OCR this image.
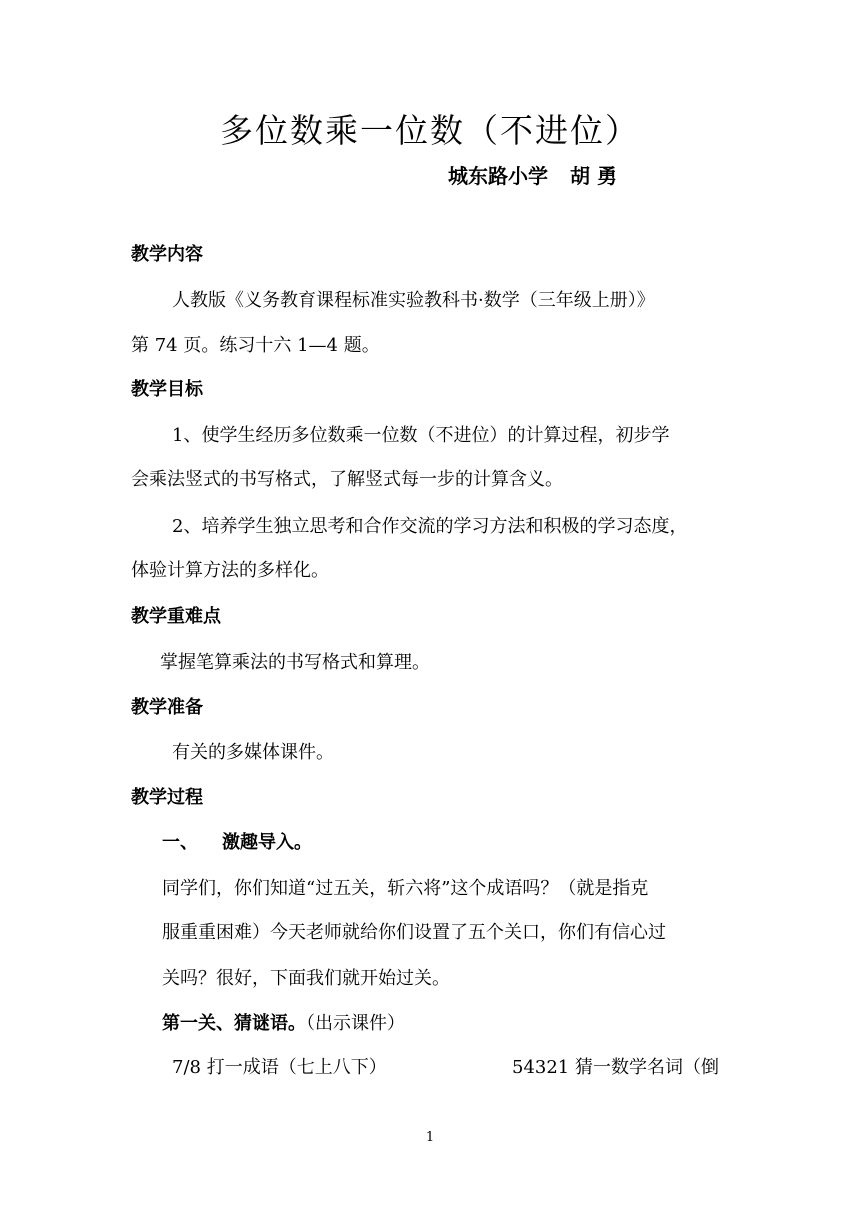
多位数乘一位数（不进位）
城东路小学 胡 勇
教学内容
人教版《义务教育课程标准实验教科书·数学（三年级上册）》
第 74 页。练习十六 1—4 题。
教学目标
1、使学生经历多位数乘一位数（不进位）的计算过程，初步学
会乘法竖式的书写格式，了解竖式每一步的计算含义。
2、培养学生独立思考和合作交流的学习方法和积极的学习态度，
体验计算方法的多样化。
教学重难点
掌握笔算乘法的书写格式和算理。
教学准备
有关的多媒体课件。
教学过程
一、 激趣导入。
同学们，你们知道“过五关，斩六将”这个成语吗？（就是指克
服重重困难）今天老师就给你们设置了五个关口，你们有信心过
关吗？很好，下面我们就开始过关。
第一关、猜谜语。（出示课件）
7/8 打一成语（七上八下）	54321 猜一数学名词（倒
1
